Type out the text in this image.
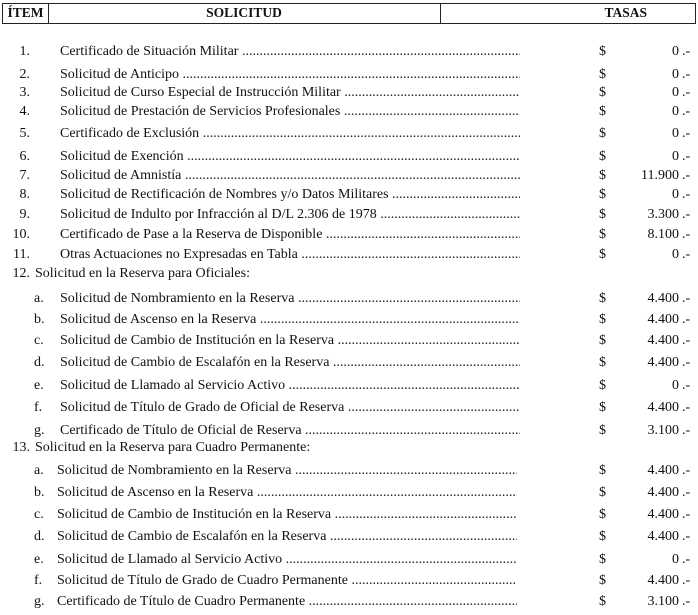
ÍTEM	SOLICITUD	TASAS
1. Certificado de Situación Militar .....	$	0 .-
2. Solicitud de Anticipo .....	$	0 .-
3. Solicitud de Curso Especial de Instrucción Militar .....	$	0 .-
4. Solicitud de Prestación de Servicios Profesionales .....	$	0 .-
5. Certificado de Exclusión .....	$	0 .-
6. Solicitud de Exención .....	$	0 .-
7. Solicitud de Amnistía .....	$	11.900 .-
8. Solicitud de Rectificación de Nombres y/o Datos Militares .....	$	0 .-
9. Solicitud de Indulto por Infracción al D/L 2.306 de 1978 .....	$	3.300 .-
10. Certificado de Pase a la Reserva de Disponible .....	$	8.100 .-
11. Otras Actuaciones no Expresadas en Tabla .....	$	0 .-
12. Solicitud en la Reserva para Oficiales:
a. Solicitud de Nombramiento en la Reserva .....	$	4.400 .-
b. Solicitud de Ascenso en la Reserva .....	$	4.400 .-
c. Solicitud de Cambio de Institución en la Reserva .....	$	4.400 .-
d. Solicitud de Cambio de Escalafón en la Reserva .....	$	4.400 .-
e. Solicitud de Llamado al Servicio Activo .....	$	0 .-
f. Solicitud de Título de Grado de Oficial de Reserva .....	$	4.400 .-
g. Certificado de Título de Oficial de Reserva .....	$	3.100 .-
13. Solicitud en la Reserva para Cuadro Permanente:
a. Solicitud de Nombramiento en la Reserva .....	$	4.400 .-
b. Solicitud de Ascenso en la Reserva .....	$	4.400 .-
c. Solicitud de Cambio de Institución en la Reserva .....	$	4.400 .-
d. Solicitud de Cambio de Escalafón en la Reserva .....	$	4.400 .-
e. Solicitud de Llamado al Servicio Activo .....	$	0 .-
f. Solicitud de Título de Grado de Cuadro Permanente .....	$	4.400 .-
g. Certificado de Título de Cuadro Permanente .....	$	3.100 .-
